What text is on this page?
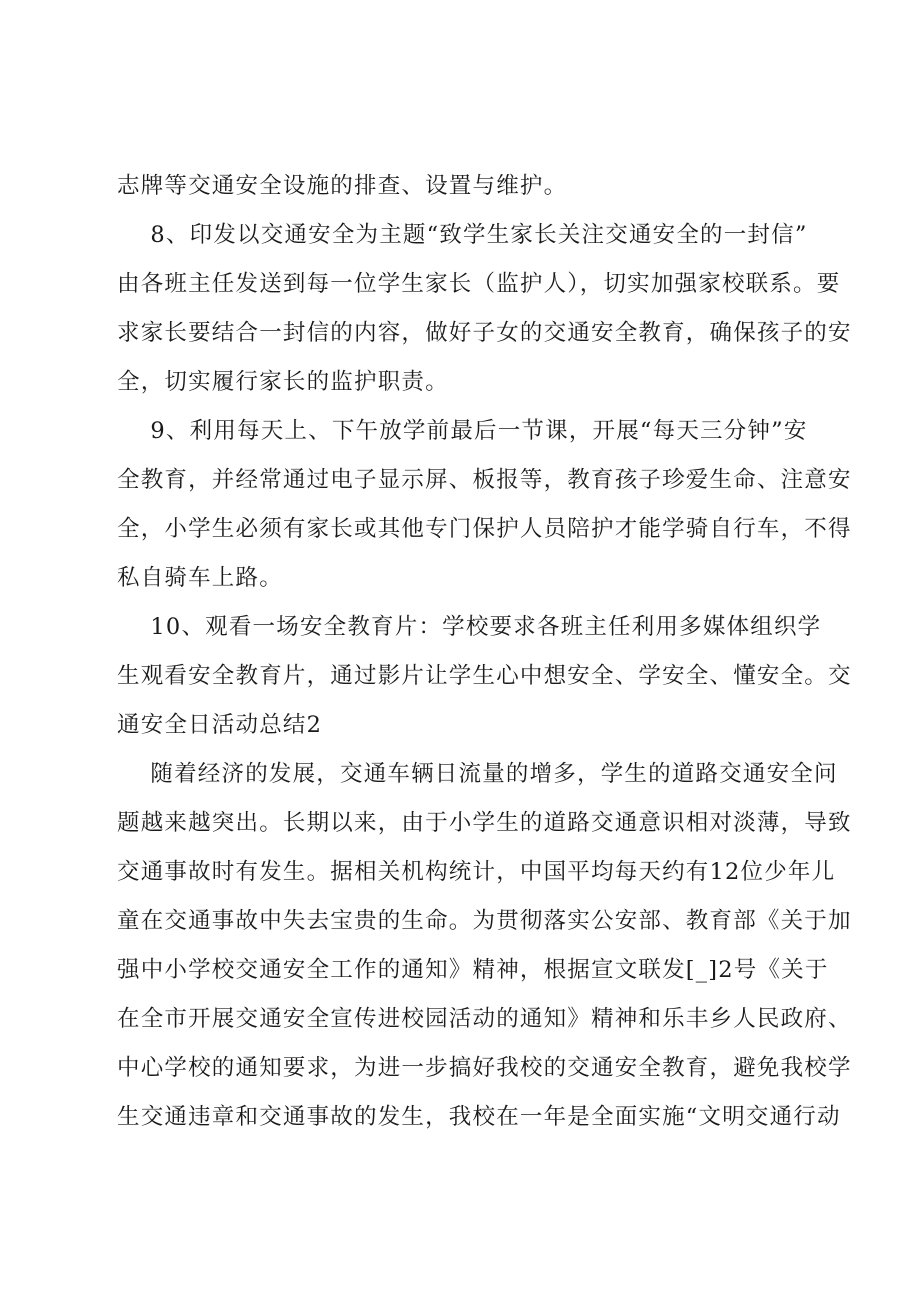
志牌等交通安全设施的排查、设置与维护。
8、印发以交通安全为主题“致学生家长关注交通安全的一封信”
由各班主任发送到每一位学生家长（监护人），切实加强家校联系。要
求家长要结合一封信的内容，做好子女的交通安全教育，确保孩子的安
全，切实履行家长的监护职责。
9、利用每天上、下午放学前最后一节课，开展“每天三分钟”安
全教育，并经常通过电子显示屏、板报等，教育孩子珍爱生命、注意安
全，小学生必须有家长或其他专门保护人员陪护才能学骑自行车，不得
私自骑车上路。
10、观看一场安全教育片：学校要求各班主任利用多媒体组织学
生观看安全教育片，通过影片让学生心中想安全、学安全、懂安全。交
通安全日活动总结2
随着经济的发展，交通车辆日流量的增多，学生的道路交通安全问
题越来越突出。长期以来，由于小学生的道路交通意识相对淡薄，导致
交通事故时有发生。据相关机构统计，中国平均每天约有12位少年儿
童在交通事故中失去宝贵的生命。为贯彻落实公安部、教育部《关于加
强中小学校交通安全工作的通知》精神，根据宣文联发[_]2号《关于
在全市开展交通安全宣传进校园活动的通知》精神和乐丰乡人民政府、
中心学校的通知要求，为进一步搞好我校的交通安全教育，避免我校学
生交通违章和交通事故的发生，我校在一年是全面实施“文明交通行动
